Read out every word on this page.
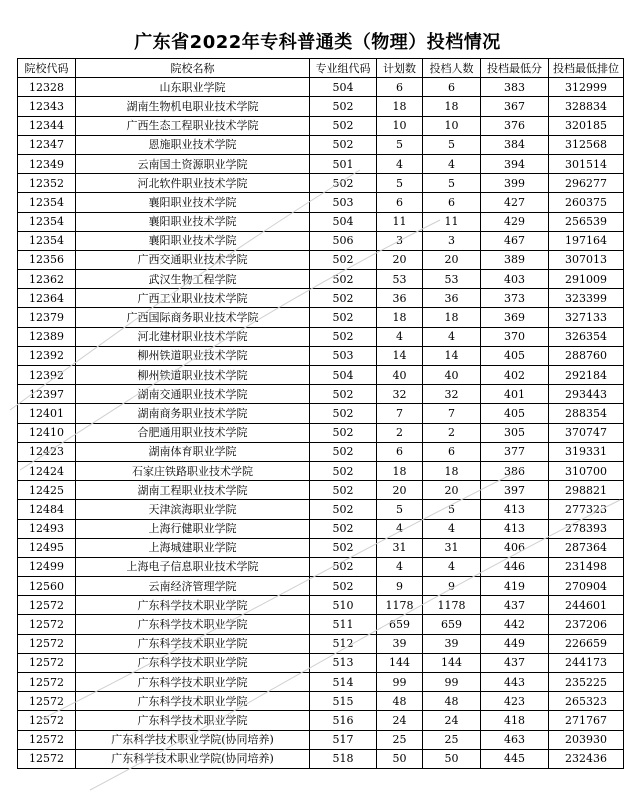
广东省2022年专科普通类（物理）投档情况
院校代码	院校名称	专业组代码	计划数	投档人数	投档最低分	投档最低排位
12328	山东职业学院	504	6	6	383	312999
12343	湖南生物机电职业技术学院	502	18	18	367	328834
12344	广西生态工程职业技术学院	502	10	10	376	320185
12347	恩施职业技术学院	502	5	5	384	312568
12349	云南国土资源职业学院	501	4	4	394	301514
12352	河北软件职业技术学院	502	5	5	399	296277
12354	襄阳职业技术学院	503	6	6	427	260375
12354	襄阳职业技术学院	504	11	11	429	256539
12354	襄阳职业技术学院	506	3	3	467	197164
12356	广西交通职业技术学院	502	20	20	389	307013
12362	武汉生物工程学院	502	53	53	403	291009
12364	广西工业职业技术学院	502	36	36	373	323399
12379	广西国际商务职业技术学院	502	18	18	369	327133
12389	河北建材职业技术学院	502	4	4	370	326354
12392	柳州铁道职业技术学院	503	14	14	405	288760
12392	柳州铁道职业技术学院	504	40	40	402	292184
12397	湖南交通职业技术学院	502	32	32	401	293443
12401	湖南商务职业技术学院	502	7	7	405	288354
12410	合肥通用职业技术学院	502	2	2	305	370747
12423	湖南体育职业学院	502	6	6	377	319331
12424	石家庄铁路职业技术学院	502	18	18	386	310700
12425	湖南工程职业技术学院	502	20	20	397	298821
12484	天津滨海职业学院	502	5	5	413	277323
12493	上海行健职业学院	502	4	4	413	278393
12495	上海城建职业学院	502	31	31	406	287364
12499	上海电子信息职业技术学院	502	4	4	446	231498
12560	云南经济管理学院	502	9	9	419	270904
12572	广东科学技术职业学院	510	1178	1178	437	244601
12572	广东科学技术职业学院	511	659	659	442	237206
12572	广东科学技术职业学院	512	39	39	449	226659
12572	广东科学技术职业学院	513	144	144	437	244173
12572	广东科学技术职业学院	514	99	99	443	235225
12572	广东科学技术职业学院	515	48	48	423	265323
12572	广东科学技术职业学院	516	24	24	418	271767
12572	广东科学技术职业学院(协同培养)	517	25	25	463	203930
12572	广东科学技术职业学院(协同培养)	518	50	50	445	232436
